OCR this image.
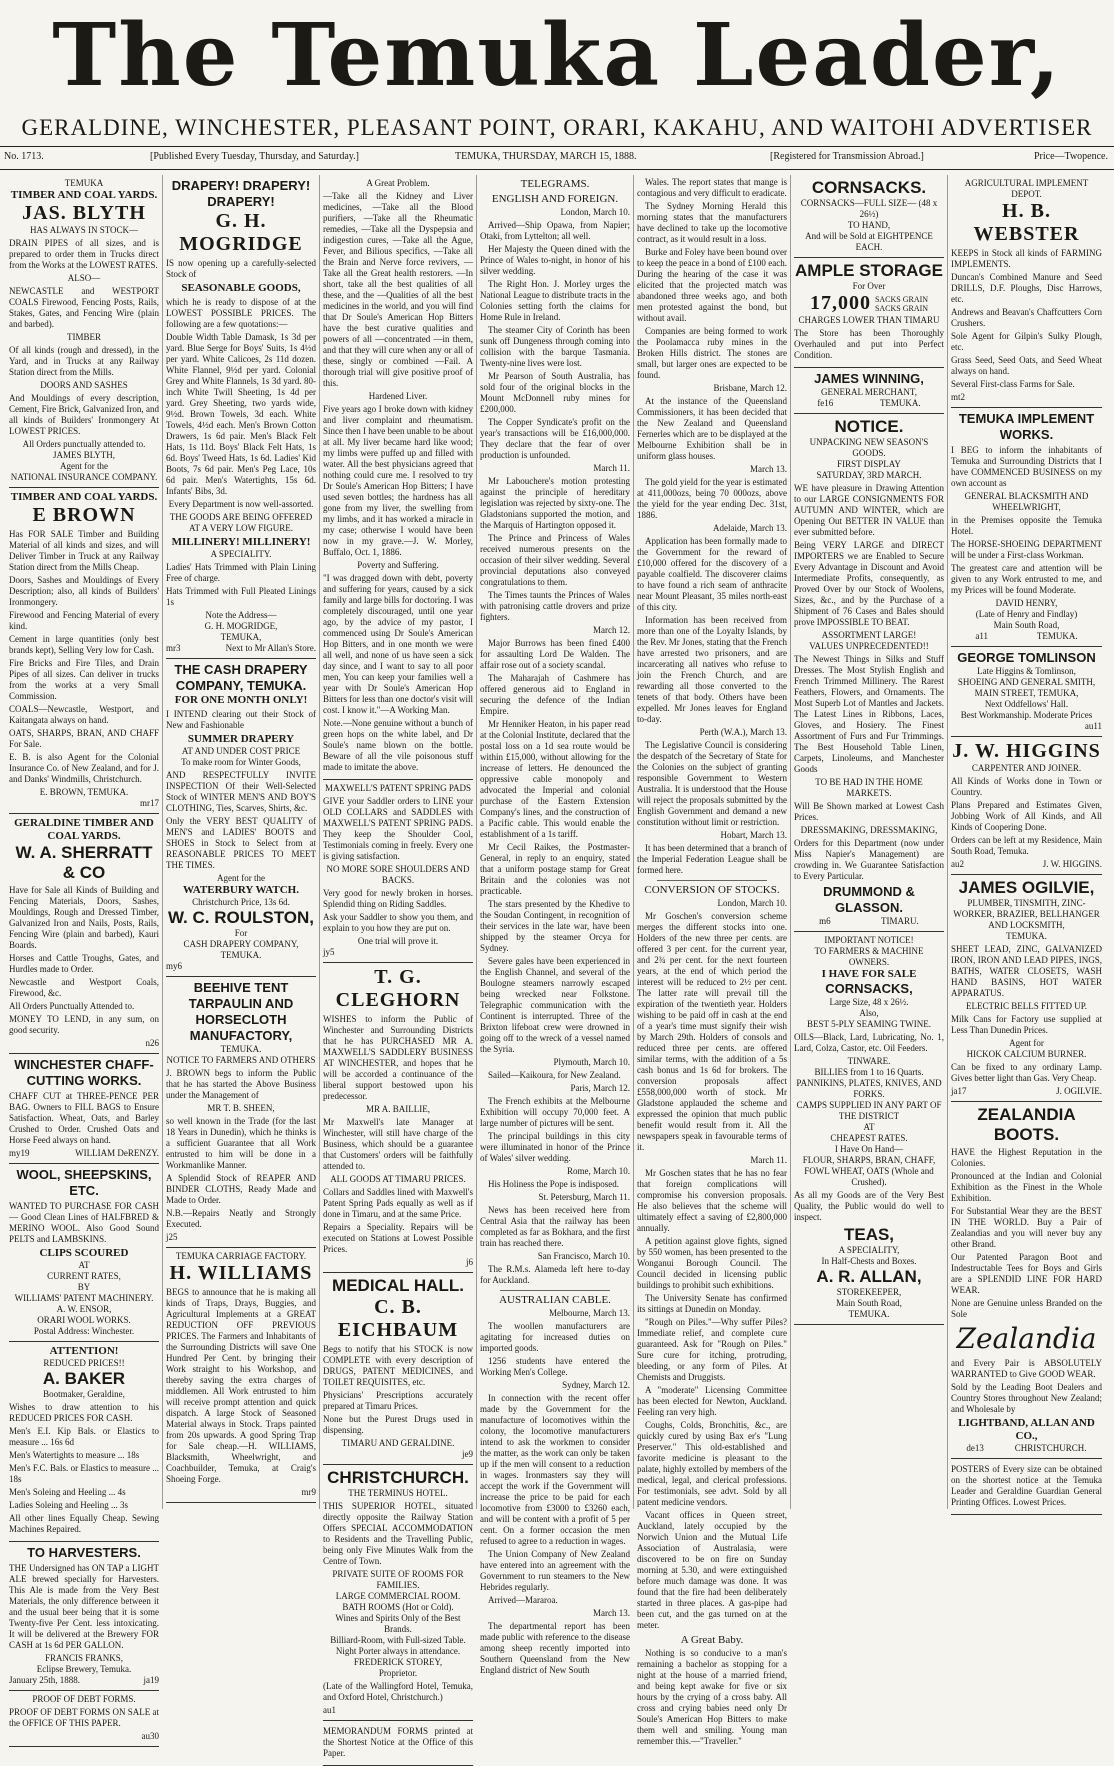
The Temuka Leader,
GERALDINE, WINCHESTER, PLEASANT POINT, ORARI, KAKAHU, AND WAITOHI ADVERTISER
No. 1713.	[Published Every Tuesday, Thursday, and Saturday.]	TEMUKA, THURSDAY, MARCH 15, 1888.	[Registered for Transmission Abroad.]	Price—Twopence.
TEMUKA
TIMBER AND COAL YARDS.
JAS. BLYTH
HAS ALWAYS IN STOCK—

DRAIN PIPES of all sizes, and is prepared to order them in Trucks direct from the Works at the LOWEST RATES.

ALSO—

NEWCASTLE and WESTPORT COALS Firewood, Fencing Posts, Rails, Stakes, Gates, and Fencing Wire (plain and barbed).

TIMBER

Of all kinds (rough and dressed), in the Yard, and in Trucks at any Railway Station direct from the Mills.

DOORS AND SASHES

And Mouldings of every description, Cement, Fire Brick, Galvanized Iron, and all kinds of Builders' Ironmongery At LOWEST PRICES.

All Orders punctually attended to.
JAMES BLYTH,
Agent for the
NATIONAL INSURANCE COMPANY.
TIMBER AND COAL YARDS.
E BROWN

Has FOR SALE Timber and Building Material of all kinds and sizes, and will Deliver Timber in Truck at any Railway Station direct from the Mills Cheap.

Doors, Sashes and Mouldings of Every Description; also, all kinds of Builders' Ironmongery.

Firewood and Fencing Material of every kind.

Cement in large quantities (only best brands kept), Selling Very low for Cash.

Fire Bricks and Fire Tiles, and Drain Pipes of all sizes. Can deliver in trucks from the works at a very Small Commission.

COALS—Newcastle, Westport, and Kaitangata always on hand.

OATS, SHARPS, BRAN, AND CHAFF For Sale.

E. B. is also Agent for the Colonial Insurance Co. of New Zealand, and for J. and Danks' Windmills, Christchurch.

E. BROWN, TEMUKA.
mr17
GERALDINE TIMBER AND COAL YARDS.
W. A. SHERRATT & CO

Have for Sale all Kinds of Building and Fencing Materials, Doors, Sashes, Mouldings, Rough and Dressed Timber, Galvanized Iron and Nails, Posts, Rails, Fencing Wire (plain and barbed), Kauri Boards.

Horses and Cattle Troughs, Gates, and Hurdles made to Order.

Newcastle and Westport Coals, Firewood, &c.

All Orders Punctually Attended to.

MONEY TO LEND, in any sum, on good security.

n26
WINCHESTER CHAFF-CUTTING WORKS.

CHAFF CUT at THREE-PENCE PER BAG. Owners to FILL BAGS to Ensure Satisfaction. Wheat, Oats, and Barley Crushed to Order. Crushed Oats and Horse Feed always on hand.

my19	WILLIAM DeRENZY.
WOOL, SHEEPSKINS, ETC.

WANTED TO PURCHASE FOR CASH — Good Clean Lines of HALFBRED & MERINO WOOL. Also Good Sound PELTS and LAMBSKINS.

CLIPS SCOURED
AT
CURRENT RATES,
BY
WILLIAMS' PATENT MACHINERY.
A. W. ENSOR,
ORARI WOOL WORKS.
Postal Address: Winchester.
ATTENTION!
REDUCED PRICES!!
A. BAKER
Bootmaker, Geraldine,

Wishes to draw attention to his REDUCED PRICES FOR CASH.

Men's E.I. Kip Bals. or Elastics to measure ... 16s 6d

Men's Watertights to measure ... 18s

Men's F.C. Bals. or Elastics to measure ... 18s

Men's Soleing and Heeling ... 4s

Ladies Soleing and Heeling ... 3s

All other lines Equally Cheap. Sewing Machines Repaired.

TO HARVESTERS.

THE Undersigned has ON TAP a LIGHT ALE brewed specially for Harvesters. This Ale is made from the Very Best Materials, the only difference between it and the usual beer being that it is some Twenty-five Per Cent. less intoxicating. It will be delivered at the Brewery FOR CASH at 1s 6d PER GALLON.

FRANCIS FRANKS,
Eclipse Brewery, Temuka.
January 25th, 1888.	ja19
PROOF OF DEBT FORMS.

PROOF OF DEBT FORMS ON SALE at the OFFICE OF THIS PAPER.

au30
DRAPERY! DRAPERY! DRAPERY!
G. H. MOGRIDGE

IS now opening up a carefully-selected Stock of

SEASONABLE GOODS,

which he is ready to dispose of at the LOWEST POSSIBLE PRICES. The following are a few quotations:—

Double Width Table Damask, 1s 3d per yard. Blue Serge for Boys' Suits, 1s 4½d per yard. White Calicoes, 2s 11d dozen. White Flannel, 9½d per yard. Colonial Grey and White Flannels, 1s 3d yard. 80-inch White Twill Sheeting, 1s 4d per yard. Grey Sheeting, two yards wide, 9½d. Brown Towels, 3d each. White Towels, 4½d each. Men's Brown Cotton Drawers, 1s 6d pair. Men's Black Felt Hats, 1s 11d. Boys' Black Felt Hats, 1s 6d. Boys' Tweed Hats, 1s 6d. Ladies' Kid Boots, 7s 6d pair. Men's Peg Lace, 10s 6d pair. Men's Watertights, 15s 6d. Infants' Bibs, 3d.

Every Department is now well-assorted.

THE GOODS ARE BEING OFFERED AT A VERY LOW FIGURE.

MILLINERY! MILLINERY!
A SPECIALITY.

Ladies' Hats Trimmed with Plain Lining Free of charge.

Hats Trimmed with Full Pleated Linings 1s

Note the Address—
G. H. MOGRIDGE,
TEMUKA,
mr3	Next to Mr Allan's Store.
THE CASH DRAPERY COMPANY, TEMUKA.
FOR ONE MONTH ONLY!

I INTEND clearing out their Stock of New and Fashionable

SUMMER DRAPERY
AT AND UNDER COST PRICE
To make room for Winter Goods,

AND RESPECTFULLY INVITE INSPECTION Of their Well-Selected Stock of WINTER MEN'S AND BOY'S CLOTHING, Ties, Scarves, Shirts, &c.

Only the VERY BEST QUALITY of MEN'S and LADIES' BOOTS and SHOES in Stock to Select from at REASONABLE PRICES TO MEET THE TIMES.

Agent for the
WATERBURY WATCH.
Christchurch Price, 13s 6d.
W. C. ROULSTON,
For
CASH DRAPERY COMPANY, TEMUKA.
my6
BEEHIVE TENT TARPAULIN AND HORSECLOTH MANUFACTORY,
TEMUKA.
NOTICE TO FARMERS AND OTHERS

J. BROWN begs to inform the Public that he has started the Above Business under the Management of

MR T. B. SHEEN,

so well known in the Trade (for the last 18 Years in Dunedin), which he thinks is a sufficient Guarantee that all Work entrusted to him will be done in a Workmanlike Manner.

A Splendid Stock of REAPER AND BINDER CLOTHS, Ready Made and Made to Order.

N.B.—Repairs Neatly and Strongly Executed.

j25
TEMUKA CARRIAGE FACTORY.
H. WILLIAMS

BEGS to announce that he is making all kinds of Traps, Drays, Buggies, and Agricultural Implements at a GREAT REDUCTION OFF PREVIOUS PRICES. The Farmers and Inhabitants of the Surrounding Districts will save One Hundred Per Cent. by bringing their Work straight to his Workshop, and thereby saving the extra charges of middlemen. All Work entrusted to him will receive prompt attention and quick dispatch. A large Stock of Seasoned Material always in Stock. Traps painted from 20s upwards. A good Spring Trap for Sale cheap.—H. WILLIAMS, Blacksmith, Wheelwright, and Coachbuilder, Temuka, at Craig's Shoeing Forge.

mr9
A Great Problem.

—Take all the Kidney and Liver medicines, —Take all the Blood purifiers, —Take all the Rheumatic remedies, —Take all the Dyspepsia and indigestion cures, —Take all the Ague, Fever, and Bilious specifics, —Take all the Brain and Nerve force revivers, —Take all the Great health restorers. —In short, take all the best qualities of all these, and the —Qualities of all the best medicines in the world, and you will find that Dr Soule's American Hop Bitters have the best curative qualities and powers of all —concentrated —in them, and that they will cure when any or all of these, singly or combined —Fail. A thorough trial will give positive proof of this.

Hardened Liver.

Five years ago I broke down with kidney and liver complaint and rheumatism. Since then I have been unable to be about at all. My liver became hard like wood; my limbs were puffed up and filled with water. All the best physicians agreed that nothing could cure me. I resolved to try Dr Soule's American Hop Bitters; I have used seven bottles; the hardness has all gone from my liver, the swelling from my limbs, and it has worked a miracle in my case; otherwise I would have been now in my grave.—J. W. Morley, Buffalo, Oct. 1, 1886.

Poverty and Suffering.

"I was dragged down with debt, poverty and suffering for years, caused by a sick family and large bills for doctoring. I was completely discouraged, until one year ago, by the advice of my pastor, I commenced using Dr Soule's American Hop Bitters, and in one month we were all well, and none of us have seen a sick day since, and I want to say to all poor men, You can keep your families well a year with Dr Soule's American Hop Bitters for less than one doctor's visit will cost. I know it."—A Working Man.

Note.—None genuine without a bunch of green hops on the white label, and Dr Soule's name blown on the bottle. Beware of all the vile poisonous stuff made to imitate the above.

MAXWELL'S PATENT SPRING PADS

GIVE your Saddler orders to LINE your OLD COLLARS and SADDLES with MAXWELL'S PATENT SPRING PADS. They keep the Shoulder Cool, Testimonials coming in freely. Every one is giving satisfaction.

NO MORE SORE SHOULDERS AND BACKS.

Very good for newly broken in horses. Splendid thing on Riding Saddles.

Ask your Saddler to show you them, and explain to you how they are put on.

One trial will prove it.
jy5
T. G. CLEGHORN

WISHES to inform the Public of Winchester and Surrounding Districts that he has PURCHASED MR A. MAXWELL'S SADDLERY BUSINESS AT WINCHESTER, and hopes that he will be accorded a continuance of the liberal support bestowed upon his predecessor.

MR A. BAILLIE,

Mr Maxwell's late Manager at Winchester, will still have charge of the Business, which should be a guarantee that Customers' orders will be faithfully attended to.

ALL GOODS AT TIMARU PRICES.

Collars and Saddles lined with Maxwell's Patent Spring Pads equally as well as if done in Timaru, and at the same Price.

Repairs a Speciality. Repairs will be executed on Stations at Lowest Possible Prices.

j6
MEDICAL HALL.
C. B. EICHBAUM

Begs to notify that his STOCK is now COMPLETE with every description of DRUGS, PATENT MEDICINES, and TOILET REQUISITES, etc.

Physicians' Prescriptions accurately prepared at Timaru Prices.

None but the Purest Drugs used in dispensing.

TIMARU AND GERALDINE.
je9
CHRISTCHURCH.
THE TERMINUS HOTEL.

THIS SUPERIOR HOTEL, situated directly opposite the Railway Station Offers SPECIAL ACCOMMODATION to Residents and the Travelling Public, being only Five Minutes Walk from the Centre of Town.

PRIVATE SUITE OF ROOMS FOR FAMILIES.
LARGE COMMERCIAL ROOM.
BATH ROOMS (Hot or Cold).
Wines and Spirits Only of the Best Brands.
Billiard-Room, with Full-sized Table.
Night Porter always in attendance.
FREDERICK STOREY,
Proprietor.

(Late of the Wallingford Hotel, Temuka, and Oxford Hotel, Christchurch.)

au1

MEMORANDUM FORMS printed at the Shortest Notice at the Office of this Paper.

TELEGRAMS.
ENGLISH AND FOREIGN.

London, March 10.

Arrived—Ship Opawa, from Napier; Otaki, from Lyttelton; all well.

Her Majesty the Queen dined with the Prince of Wales to-night, in honor of his silver wedding.

The Right Hon. J. Morley urges the National League to distribute tracts in the Colonies setting forth the claims for Home Rule in Ireland.

The steamer City of Corinth has been sunk off Dungeness through coming into collision with the barque Tasmania. Twenty-nine lives were lost.

Mr Pearson of South Australia, has sold four of the original blocks in the Mount McDonnell ruby mines for £200,000.

The Copper Syndicate's profit on the year's transactions will be £16,000,000. They declare that the fear of over production is unfounded.

March 11.

Mr Labouchere's motion protesting against the principle of hereditary legislation was rejected by sixty-one. The Gladstonians supported the motion, and the Marquis of Hartington opposed it.

The Prince and Princess of Wales received numerous presents on the occasion of their silver wedding. Several provincial deputations also conveyed congratulations to them.

The Times taunts the Princes of Wales with patronising cattle drovers and prize fighters.

March 12.

Major Burrows has been fined £400 for assaulting Lord De Walden. The affair rose out of a society scandal.

The Maharajah of Cashmere has offered generous aid to England in securing the defence of the Indian Empire.

Mr Henniker Heaton, in his paper read at the Colonial Institute, declared that the postal loss on a 1d sea route would be within £15,000, without allowing for the increase of letters. He denounced the oppressive cable monopoly and advocated the Imperial and colonial purchase of the Eastern Extension Company's lines, and the construction of a Pacific cable. This would enable the establishment of a 1s tariff.

Mr Cecil Raikes, the Postmaster-General, in reply to an enquiry, stated that a uniform postage stamp for Great Britain and the colonies was not practicable.

The stars presented by the Khedive to the Soudan Contingent, in recognition of their services in the late war, have been shipped by the steamer Orcya for Sydney.

Severe gales have been experienced in the English Channel, and several of the Boulogne steamers narrowly escaped being wrecked near Folkstone. Telegraphic communication with the Continent is interrupted. Three of the Brixton lifeboat crew were drowned in going off to the wreck of a vessel named the Syria.

Plymouth, March 10.

Sailed—Kaikoura, for New Zealand.

Paris, March 12.

The French exhibits at the Melbourne Exhibition will occupy 70,000 feet. A large number of pictures will be sent.

The principal buildings in this city were illuminated in honor of the Prince of Wales' silver wedding.

Rome, March 10.

His Holiness the Pope is indisposed.

St. Petersburg, March 11.

News has been received here from Central Asia that the railway has been completed as far as Bokhara, and the first train has reached there.

San Francisco, March 10.

The R.M.s. Alameda left here to-day for Auckland.

AUSTRALIAN CABLE.

Melbourne, March 13.

The woollen manufacturers are agitating for increased duties on imported goods.

1256 students have entered the Working Men's College.

Sydney, March 12.

In connection with the recent offer made by the Government for the manufacture of locomotives within the colony, the locomotive manufacturers intend to ask the workmen to consider the matter, as the work can only be taken up if the men will consent to a reduction in wages. Ironmasters say they will accept the work if the Government will increase the price to be paid for each locomotive from £3000 to £3260 each, and will be content with a profit of 5 per cent. On a former occasion the men refused to agree to a reduction in wages.

The Union Company of New Zealand have entered into an agreement with the Government to run steamers to the New Hebrides regularly.

Arrived—Mararoa.

March 13.

The departmental report has been made public with reference to the disease among sheep recently imported into Southern Queensland from the New England district of New South

Wales. The report states that mange is contagious and very difficult to eradicate.

The Sydney Morning Herald this morning states that the manufacturers have declined to take up the locomotive contract, as it would result in a loss.

Burke and Foley have been bound over to keep the peace in a bond of £100 each. During the hearing of the case it was elicited that the projected match was abandoned three weeks ago, and both men protested against the bond, but without avail.

Companies are being formed to work the Poolamacca ruby mines in the Broken Hills district. The stones are small, but larger ones are expected to be found.

Brisbane, March 12.

At the instance of the Queensland Commissioners, it has been decided that the New Zealand and Queensland Fernerles which are to be displayed at the Melbourne Exhibition shall be in uniform glass houses.

March 13.

The gold yield for the year is estimated at 411,000ozs, being 70 000ozs, above the yield for the year ending Dec. 31st, 1886.

Adelaide, March 13.

Application has been formally made to the Government for the reward of £10,000 offered for the discovery of a payable coalfield. The discoverer claims to have found a rich seam of anthracite near Mount Pleasant, 35 miles north-east of this city.

Information has been received from more than one of the Loyalty Islands, by the Rev. Mr Jones, stating that the French have arrested two prisoners, and are incarcerating all natives who refuse to join the French Church, and are rewarding all those converted to the tenets of that body. Others have been expelled. Mr Jones leaves for England to-day.

Perth (W.A.), March 13.

The Legislative Council is considering the despatch of the Secretary of State for the Colonies on the subject of granting responsible Government to Western Australia. It is understood that the House will reject the proposals submitted by the English Government and demand a new constitution without limit or restriction.

Hobart, March 13.

It has been determined that a branch of the Imperial Federation League shall be formed here.

CONVERSION OF STOCKS.

London, March 10.

Mr Goschen's conversion scheme merges the different stocks into one. Holders of the new three per cents. are offered 3 per cent. for the current year, and 2¾ per cent. for the next fourteen years, at the end of which period the interest will be reduced to 2½ per cent. The latter rate will prevail till the expiration of the twentieth year. Holders wishing to be paid off in cash at the end of a year's time must signify their wish by March 29th. Holders of consols and reduced three per cents. are offered similar terms, with the addition of a 5s cash bonus and 1s 6d for brokers. The conversion proposals affect £558,000,000 worth of stock. Mr Gladstone applauded the scheme and expressed the opinion that much public benefit would result from it. All the newspapers speak in favourable terms of it.

March 11.

Mr Goschen states that he has no fear that foreign complications will compromise his conversion proposals. He also believes that the scheme will ultimately effect a saving of £2,800,000 annually.

A petition against glove fights, signed by 550 women, has been presented to the Wonganui Borough Council. The Council decided in licensing public buildings to prohibit such exhibitions.

The University Senate has confirmed its sittings at Dunedin on Monday.

"Rough on Piles."—Why suffer Piles? Immediate relief, and complete cure guaranteed. Ask for "Rough on Piles." Sure cure for itching, protruding, bleeding, or any form of Piles. At Chemists and Druggists.

A "moderate" Licensing Committee has been elected for Newton, Auckland. Feeling ran very high.

Coughs, Colds, Bronchitis, &c., are quickly cured by using Bax er's "Lung Preserver." This old-established and favorite medicine is pleasant to the palate, highly extolled by members of the medical, legal, and clerical professions. For testimonials, see advt. Sold by all patent medicine vendors.

Vacant offices in Queen street, Auckland, lately occupied by the Norwich Union and the Mutual Life Association of Australasia, were discovered to be on fire on Sunday morning at 5.30, and were extinguished before much damage was done. It was found that the fire had been deliberately started in three places. A gas-pipe had been cut, and the gas turned on at the meter.

A Great Baby.

Nothing is so conducive to a man's remaining a bachelor as stopping for a night at the house of a married friend, and being kept awake for five or six hours by the crying of a cross baby. All cross and crying babies need only Dr Soule's American Hop Bitters to make them well and smiling. Young man remember this.—"Traveller."

CORNSACKS.
CORNSACKS—FULL SIZE— (48 x 26½)
TO HAND,
And will be Sold at EIGHTPENCE EACH.
AMPLE STORAGE
For Over
17,000 SACKS GRAIN
SACKS GRAIN
CHARGES LOWER THAN TIMARU

The Store has been Thoroughly Overhauled and put into Perfect Condition.

JAMES WINNING,
GENERAL MERCHANT,
fe16	TEMUKA.
NOTICE.
UNPACKING NEW SEASON'S GOODS.
FIRST DISPLAY
SATURDAY, 3RD MARCH.

WE have pleasure in Drawing Attention to our LARGE CONSIGNMENTS FOR AUTUMN AND WINTER, which are Opening Out BETTER IN VALUE than ever submitted before.

Being VERY LARGE and DIRECT IMPORTERS we are Enabled to Secure Every Advantage in Discount and Avoid Intermediate Profits, consequently, as Proved Over by our Stock of Woolens, Sizes, &c., and by the Purchase of a Shipment of 76 Cases and Bales should prove IMPOSSIBLE TO BEAT.

ASSORTMENT LARGE!
VALUES UNPRECEDENTED!!

The Newest Things in Silks and Stuff Dresses. The Most Stylish English and French Trimmed Millinery. The Rarest Feathers, Flowers, and Ornaments. The Most Superb Lot of Mantles and Jackets. The Latest Lines in Ribbons, Laces, Gloves, and Hosiery. The Finest Assortment of Furs and Fur Trimmings. The Best Household Table Linen, Carpets, Linoleums, and Manchester Goods

TO BE HAD IN THE HOME MARKETS.

Will Be Shown marked at Lowest Cash Prices.

DRESSMAKING, DRESSMAKING,

Orders for this Department (now under Miss Napier's Management) are crowding in. We Guarantee Satisfaction to Every Particular.

DRUMMOND & GLASSON.
m6	TIMARU.
IMPORTANT NOTICE!
TO FARMERS & MACHINE OWNERS.
I HAVE FOR SALE
CORNSACKS,
Large Size, 48 x 26½.
Also,
BEST 5-PLY SEAMING TWINE.

OILS—Black, Lard, Lubricating, No. 1, Lard, Colza, Castor, etc. Oil Feeders.

TINWARE.
BILLIES from 1 to 16 Quarts.
PANNIKINS, PLATES, KNIVES, AND FORKS.
CAMPS SUPPLIED IN ANY PART OF THE DISTRICT
AT
CHEAPEST RATES.
I Have On Hand—
FLOUR, SHARPS, BRAN, CHAFF, FOWL WHEAT, OATS (Whole and Crushed).

As all my Goods are of the Very Best Quality, the Public would do well to inspect.

TEAS,
A SPECIALITY,
In Half-Chests and Boxes.
A. R. ALLAN,
STOREKEEPER,
Main South Road,
TEMUKA.
AGRICULTURAL IMPLEMENT DEPOT.
H. B. WEBSTER

KEEPS in Stock all kinds of FARMING IMPLEMENTS.

Duncan's Combined Manure and Seed DRILLS, D.F. Ploughs, Disc Harrows, etc.

Andrews and Beavan's Chaffcutters Corn Crushers.

Sole Agent for Gilpin's Sulky Plough, etc.

Grass Seed, Seed Oats, and Seed Wheat always on hand.

Several First-class Farms for Sale.

mt2
TEMUKA IMPLEMENT WORKS.

I BEG to inform the inhabitants of Temuka and Surrounding Districts that I have COMMENCED BUSINESS on my own account as

GENERAL BLACKSMITH AND WHEELWRIGHT,

in the Premises opposite the Temuka Hotel.

The HORSE-SHOEING DEPARTMENT will be under a First-class Workman.

The greatest care and attention will be given to any Work entrusted to me, and my Prices will be found Moderate.

DAVID HENRY,
(Late of Henry and Findlay)
Main South Road,
a11	TEMUKA.
GEORGE TOMLINSON
Late Higgins & Tomlinson,
SHOEING AND GENERAL SMITH,
MAIN STREET, TEMUKA,
Next Oddfellows' Hall.
Best Workmanship. Moderate Prices
au11
J. W. HIGGINS
CARPENTER AND JOINER.

All Kinds of Works done in Town or Country.

Plans Prepared and Estimates Given, Jobbing Work of All Kinds, and All Kinds of Coopering Done.

Orders can be left at my Residence, Main South Road, Temuka.

au2	J. W. HIGGINS.
JAMES OGILVIE,
PLUMBER, TINSMITH, ZINC-WORKER, BRAZIER, BELLHANGER AND LOCKSMITH,
TEMUKA.

SHEET LEAD, ZINC, GALVANIZED IRON, IRON AND LEAD PIPES, INGS, BATHS, WATER CLOSETS, WASH HAND BASINS, HOT WATER APPARATUS.

ELECTRIC BELLS FITTED UP.

Milk Cans for Factory use supplied at Less Than Dunedin Prices.

Agent for
HICKOK CALCIUM BURNER.

Can be fixed to any ordinary Lamp. Gives better light than Gas. Very Cheap.

ja17	J. OGILVIE.
ZEALANDIA BOOTS.

HAVE the Highest Reputation in the Colonies.

Pronounced at the Indian and Colonial Exhibition as the Finest in the Whole Exhibition.

For Substantial Wear they are the BEST IN THE WORLD. Buy a Pair of Zealandias and you will never buy any other Brand.

Our Patented Paragon Boot and Indestructable Tees for Boys and Girls are a SPLENDID LINE FOR HARD WEAR.

None are Genuine unless Branded on the Sole

Zealandia

and Every Pair is ABSOLUTELY WARRANTED to Give GOOD WEAR.

Sold by the Leading Boot Dealers and Country Stores throughout New Zealand; and Wholesale by

LIGHTBAND, ALLAN AND CO.,
de13	CHRISTCHURCH.

POSTERS of Every size can be obtained on the shortest notice at the Temuka Leader and Geraldine Guardian General Printing Offices. Lowest Prices.
